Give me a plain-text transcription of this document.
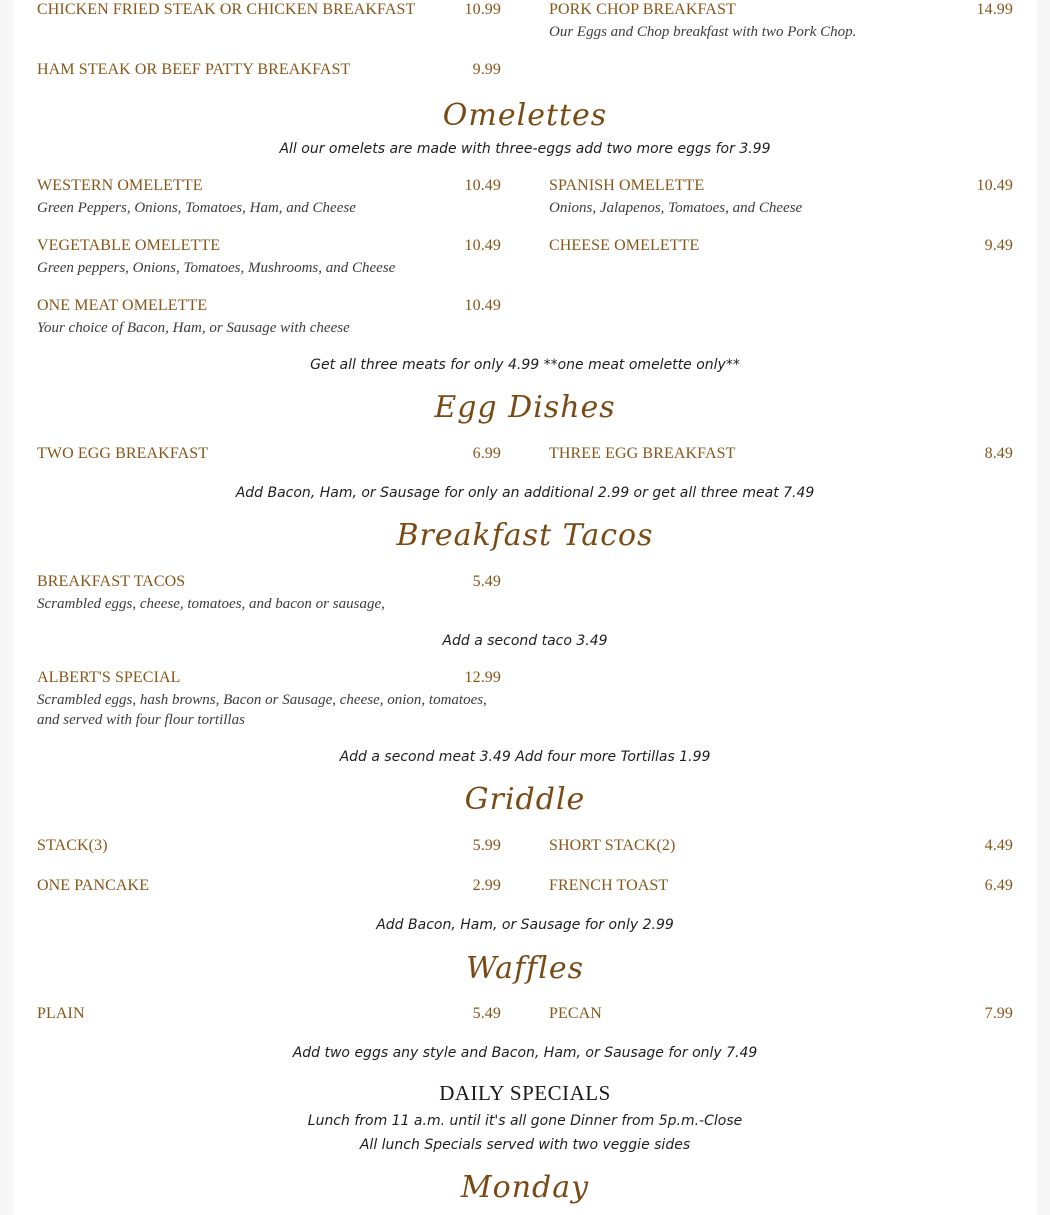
CHICKEN FRIED STEAK OR CHICKEN BREAKFAST	10.99
HAM STEAK OR BEEF PATTY BREAKFAST	9.99
PORK CHOP BREAKFAST	14.99
Our Eggs and Chop breakfast with two Pork Chop.
Omelettes
All our omelets are made with three-eggs add two more eggs for 3.99
WESTERN OMELETTE	10.49
Green Peppers, Onions, Tomatoes, Ham, and Cheese
VEGETABLE OMELETTE	10.49
Green peppers, Onions, Tomatoes, Mushrooms, and Cheese
ONE MEAT OMELETTE	10.49
Your choice of Bacon, Ham, or Sausage with cheese
SPANISH OMELETTE	10.49
Onions, Jalapenos, Tomatoes, and Cheese
CHEESE OMELETTE	9.49
Get all three meats for only 4.99 **one meat omelette only**
Egg Dishes
TWO EGG BREAKFAST	6.99	THREE EGG BREAKFAST	8.49
Add Bacon, Ham, or Sausage for only an additional 2.99 or get all three meat 7.49
Breakfast Tacos
BREAKFAST TACOS	5.49
Scrambled eggs, cheese, tomatoes, and bacon or sausage,
Add a second taco 3.49
ALBERT'S SPECIAL	12.99
Scrambled eggs, hash browns, Bacon or Sausage, cheese, onion, tomatoes, and served with four flour tortillas
Add a second meat 3.49 Add four more Tortillas 1.99
Griddle
STACK(3)	5.99
ONE PANCAKE	2.99
SHORT STACK(2)	4.49
FRENCH TOAST	6.49
Add Bacon, Ham, or Sausage for only 2.99
Waffles
PLAIN	5.49	PECAN	7.99
Add two eggs any style and Bacon, Ham, or Sausage for only 7.49
DAILY SPECIALS
Lunch from 11 a.m. until it's all gone Dinner from 5p.m.-Close
All lunch Specials served with two veggie sides
Monday
